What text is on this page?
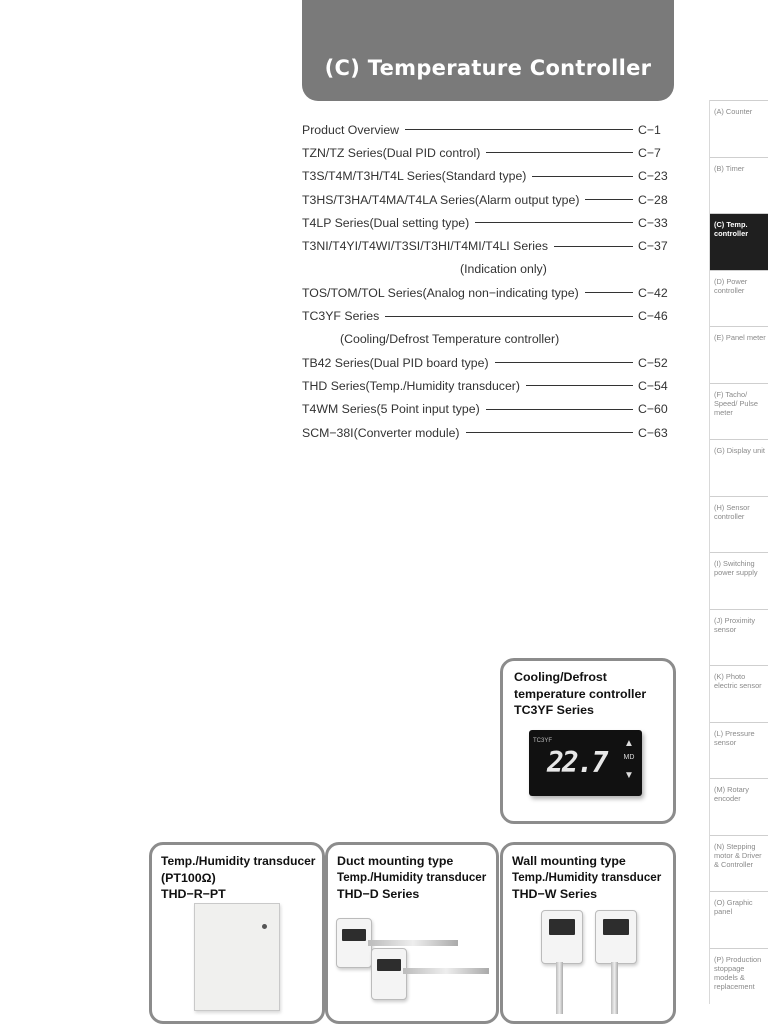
(C) Temperature Controller
Product Overview	C−1
TZN/TZ Series(Dual PID control)	C−7
T3S/T4M/T3H/T4L Series(Standard type)	C−23
T3HS/T3HA/T4MA/T4LA Series(Alarm output type)	C−28
T4LP Series(Dual setting type)	C−33
T3NI/T4YI/T4WI/T3SI/T3HI/T4MI/T4LI Series	C−37
(Indication only)
TOS/TOM/TOL Series(Analog non−indicating type)	C−42
TC3YF Series	C−46
(Cooling/Defrost Temperature controller)
TB42 Series(Dual PID board type)	C−52
THD Series(Temp./Humidity transducer)	C−54
T4WM Series(5 Point input type)	C−60
SCM−38I(Converter module)	C−63
(A) Counter
(B) Timer
(C) Temp. controller
(D) Power controller
(E) Panel meter
(F) Tacho/ Speed/ Pulse meter
(G) Display unit
(H) Sensor controller
(I) Switching power supply
(J) Proximity sensor
(K) Photo electric sensor
(L) Pressure sensor
(M) Rotary encoder
(N) Stepping motor & Driver & Controller
(O) Graphic panel
(P) Production stoppage models & replacement
Cooling/Defrost
temperature controller
TC3YF Series
TC3YF
22.7
▲
MD
▼
Temp./Humidity transducer
(PT100Ω)
THD−R−PT
Duct mounting type
Temp./Humidity transducer
THD−D Series
Wall mounting type
Temp./Humidity transducer
THD−W Series
